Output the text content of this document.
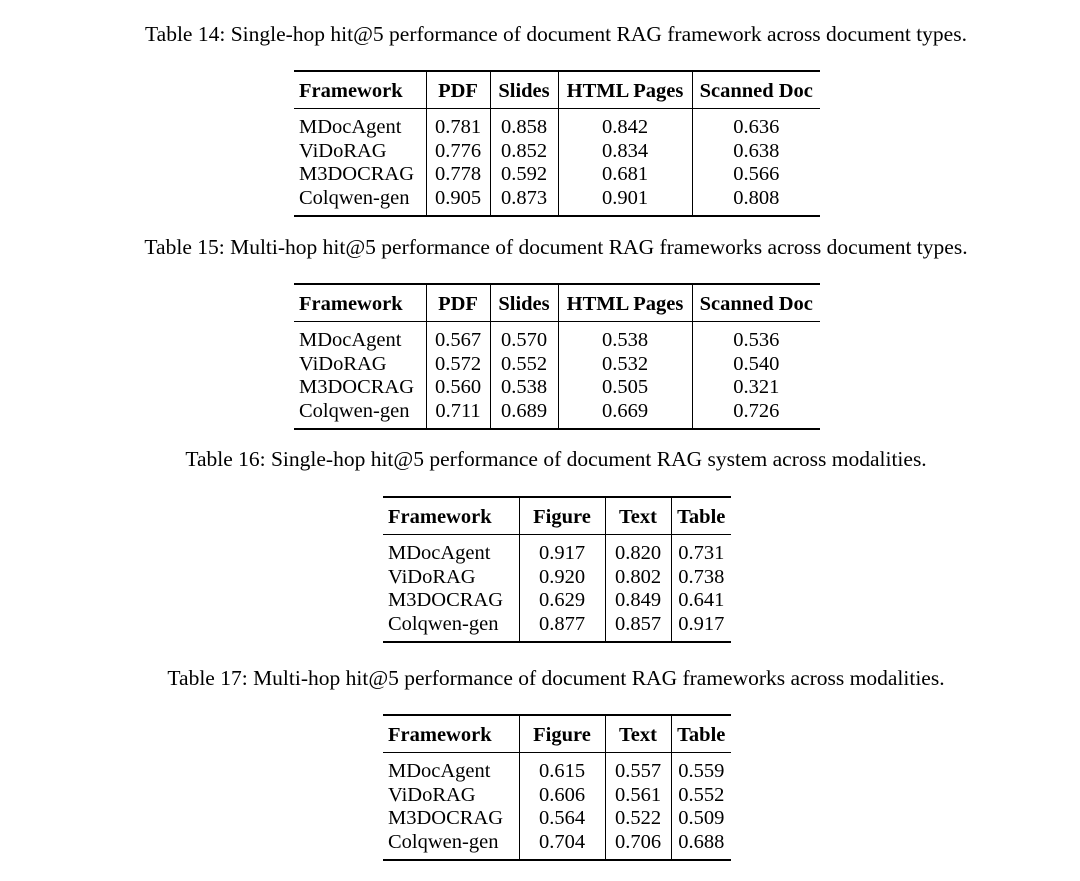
Table 14: Single-hop hit@5 performance of document RAG framework across document types.
Framework	PDF	Slides	HTML Pages	Scanned Doc
MDocAgent	0.781	0.858	0.842	0.636
ViDoRAG	0.776	0.852	0.834	0.638
M3DOCRAG	0.778	0.592	0.681	0.566
Colqwen-gen	0.905	0.873	0.901	0.808
Table 15: Multi-hop hit@5 performance of document RAG frameworks across document types.
Framework	PDF	Slides	HTML Pages	Scanned Doc
MDocAgent	0.567	0.570	0.538	0.536
ViDoRAG	0.572	0.552	0.532	0.540
M3DOCRAG	0.560	0.538	0.505	0.321
Colqwen-gen	0.711	0.689	0.669	0.726
Table 16: Single-hop hit@5 performance of document RAG system across modalities.
Framework	Figure	Text	Table
MDocAgent	0.917	0.820	0.731
ViDoRAG	0.920	0.802	0.738
M3DOCRAG	0.629	0.849	0.641
Colqwen-gen	0.877	0.857	0.917
Table 17: Multi-hop hit@5 performance of document RAG frameworks across modalities.
Framework	Figure	Text	Table
MDocAgent	0.615	0.557	0.559
ViDoRAG	0.606	0.561	0.552
M3DOCRAG	0.564	0.522	0.509
Colqwen-gen	0.704	0.706	0.688
